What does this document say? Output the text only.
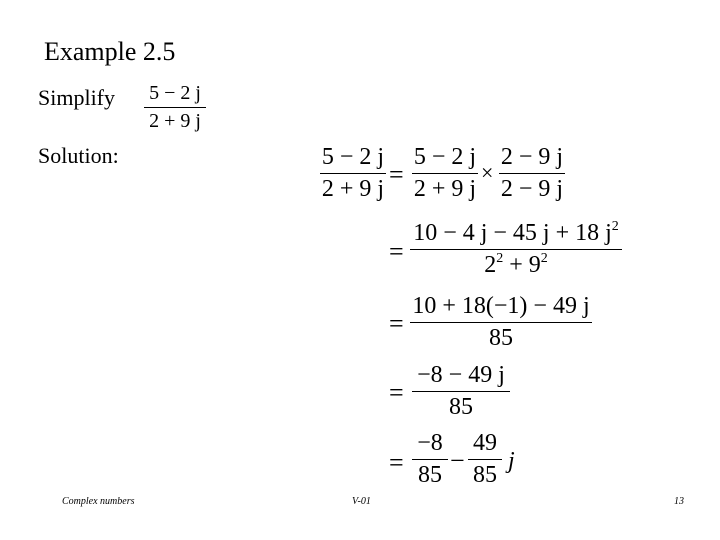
Example 2.5
Simplify 5 − 2 j
2 + 9 j
Solution:	5 − 2 j
2 + 9 j =
5 − 2 j
2 + 9 j
×
2 − 9 j
2 − 9 j
=
10 − 4 j − 45 j + 18 $j^2$
$2^2 + 9^2$
=
10 + 18(−1) − 49 j
85
=
−8 − 49 j
85
=
−8
85 −
49
85
j
Complex numbers	V-01	13
